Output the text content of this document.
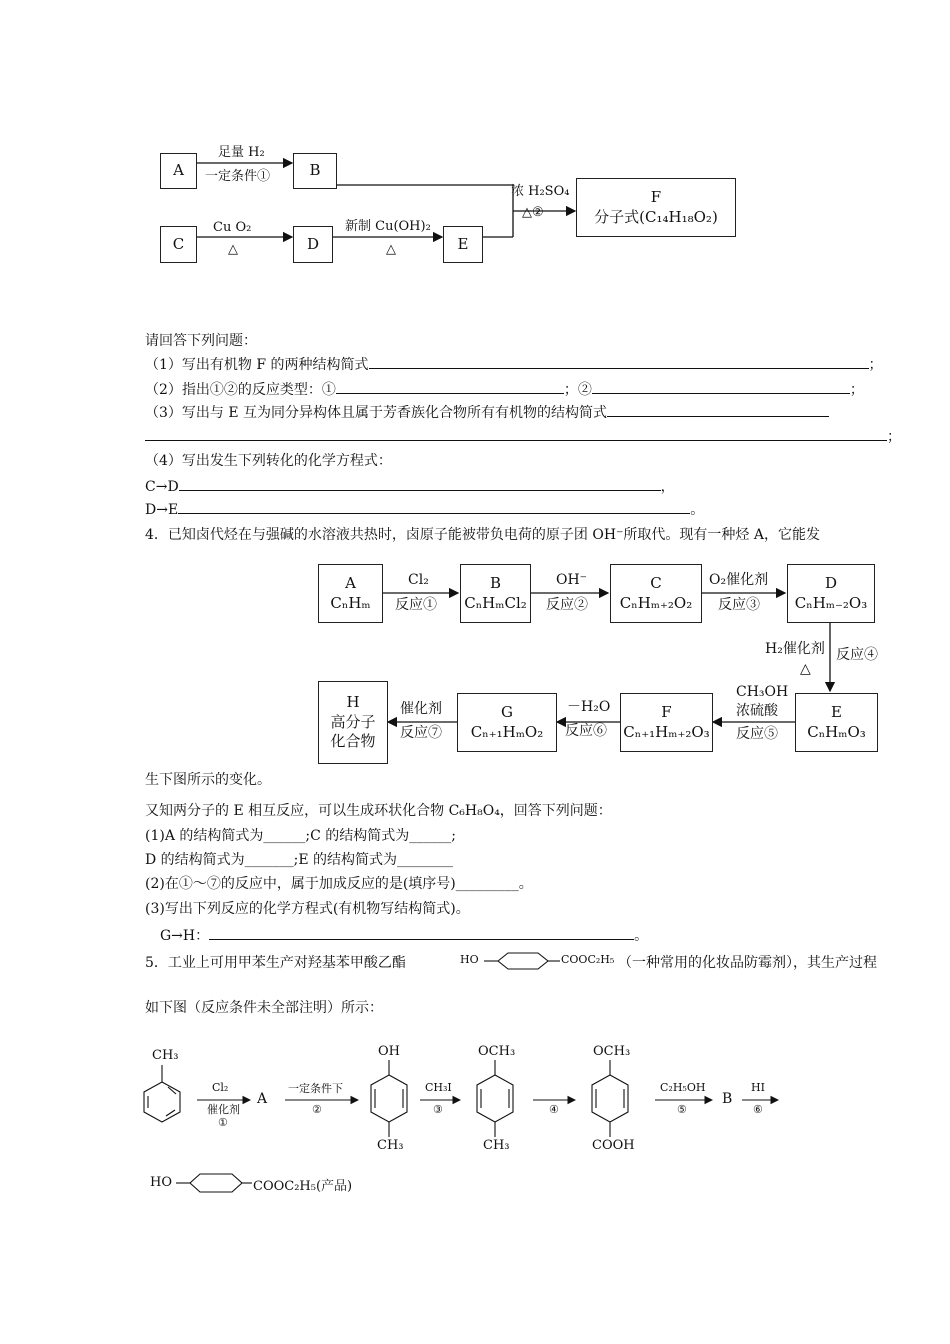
A	B
C	D	E
F
分子式(C₁₄H₁₈O₂)
足量 H₂
一定条件①
Cu O₂
△
新制 Cu(OH)₂
△
浓 H₂SO₄
△②
请回答下列问题：
（1）写出有机物 F 的两种结构简式	；
（2）指出①②的反应类型：①	；②	；
（3）写出与 E 互为同分异构体且属于芳香族化合物所有有机物的结构简式
；
（4）写出发生下列转化的化学方程式：
C→D	，
D→E	。
4．已知卤代烃在与强碱的水溶液共热时，卤原子能被带负电荷的原子团 OH⁻所取代。现有一种烃 A，它能发
A
CₙHₘ
B
CₙHₘCl₂
C
CₙHₘ₊₂O₂
D
CₙHₘ₋₂O₃
E
CₙHₘO₃
F
Cₙ₊₁Hₘ₊₂O₃
G
Cₙ₊₁HₘO₂
H
高分子
化合物
Cl₂
反应①
OH⁻
反应②
O₂催化剂
反应③
H₂催化剂
△
反应④
CH₃OH
浓硫酸
反应⑤
－H₂O
反应⑥
催化剂
反应⑦
生下图所示的变化。
又知两分子的 E 相互反应，可以生成环状化合物 C₆H₈O₄，回答下列问题：
(1)A 的结构简式为______;C 的结构简式为______;
D 的结构简式为_______;E 的结构简式为________
(2)在①～⑦的反应中，属于加成反应的是(填序号)_________。
(3)写出下列反应的化学方程式(有机物写结构简式)。
G→H：	。
5．工业上可用甲苯生产对羟基苯甲酸乙酯	HO	COOC₂H₅ （一种常用的化妆品防霉剂），其生产过程
如下图（反应条件未全部注明）所示：
CH₃
Cl₂
催化剂
①
A
一定条件下
②
OH
CH₃
CH₃I
③
OCH₃
CH₃
④
OCH₃
COOH
C₂H₅OH
⑤
B
HI
⑥
HO	COOC₂H₅(产品)
